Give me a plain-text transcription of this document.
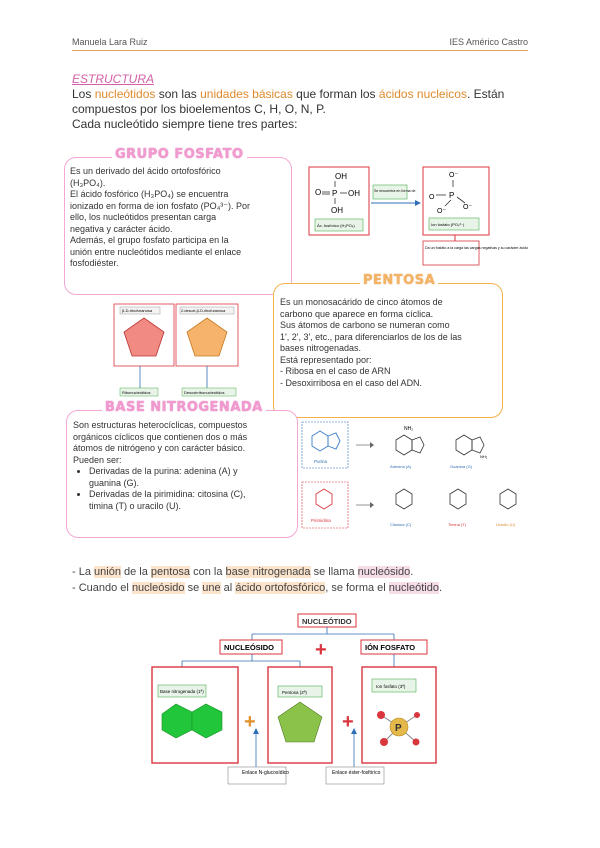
Manuela Lara Ruiz	IES Américo Castro
ESTRUCTURA
Los nucleótidos son las unidades básicas que forman los ácidos nucleicos. Están
compuestos por los bioelementos C, H, O, N, P.
Cada nucleótido siempre tiene tres partes:
GRUPO FOSFATO
Es un derivado del ácido ortofosfórico
(H₃PO₄).
El ácido fosfórico (H₃PO₄) se encuentra
ionizado en forma de ion fosfato (PO₄³⁻). Por
ello, los nucleótidos presentan carga
negativa y carácter ácido.
Además, el grupo fosfato participa en la
unión entre nucleótidos mediante el enlace
fosfodiéster.
OH
O P OH
OH
Ác. fosfórico (H₃PO₄)
Se encuentra en forma de
O⁻
O P
O⁻
O⁻
Ion fosfato (PO₄³⁻)
Da un fosfato a la carga las cargas negativas y su carácter ácido
β-D-ribofuranosa	2-desoxi-β-D-ribofuranosa
Ribonucleótidos	Desoxirribonucleótidos
PENTOSA
Es un monosacárido de cinco átomos de
carbono que aparece en forma cíclica.
Sus átomos de carbono se numeran como
1', 2', 3', etc., para diferenciarlos de los de las
bases nitrogenadas.
Está representado por:
- Ribosa en el caso de ARN
- Desoxirribosa en el caso del ADN.
BASE NITROGENADA
Son estructuras heterocíclicas, compuestos
orgánicos cíclicos que contienen dos o más
átomos de nitrógeno y con carácter básico.
Pueden ser:
• Derivadas de la purina: adenina (A) y
guanina (G).
• Derivadas de la pirimidina: citosina (C),
timina (T) o uracilo (U).
Purina
Pirimidina
NH₂
Adenina (A)
NH₂
Guanina (G)
Citosina (C)	Timina (T)	Uracilo (U)
- La unión de la pentosa con la base nitrogenada se llama nucleósido.
- Cuando el nucleósido se une al ácido ortofosfórico, se forma el nucleótido.
NUCLEÓTIDO
NUCLEÓSIDO +	IÓN FOSFATO
Base nitrogenada (1ª)
+
Pentosa (2ª)
+
Ion fosfato (3ª)
P
Enlace N-glucosídico	Enlace éster-fosfórico
